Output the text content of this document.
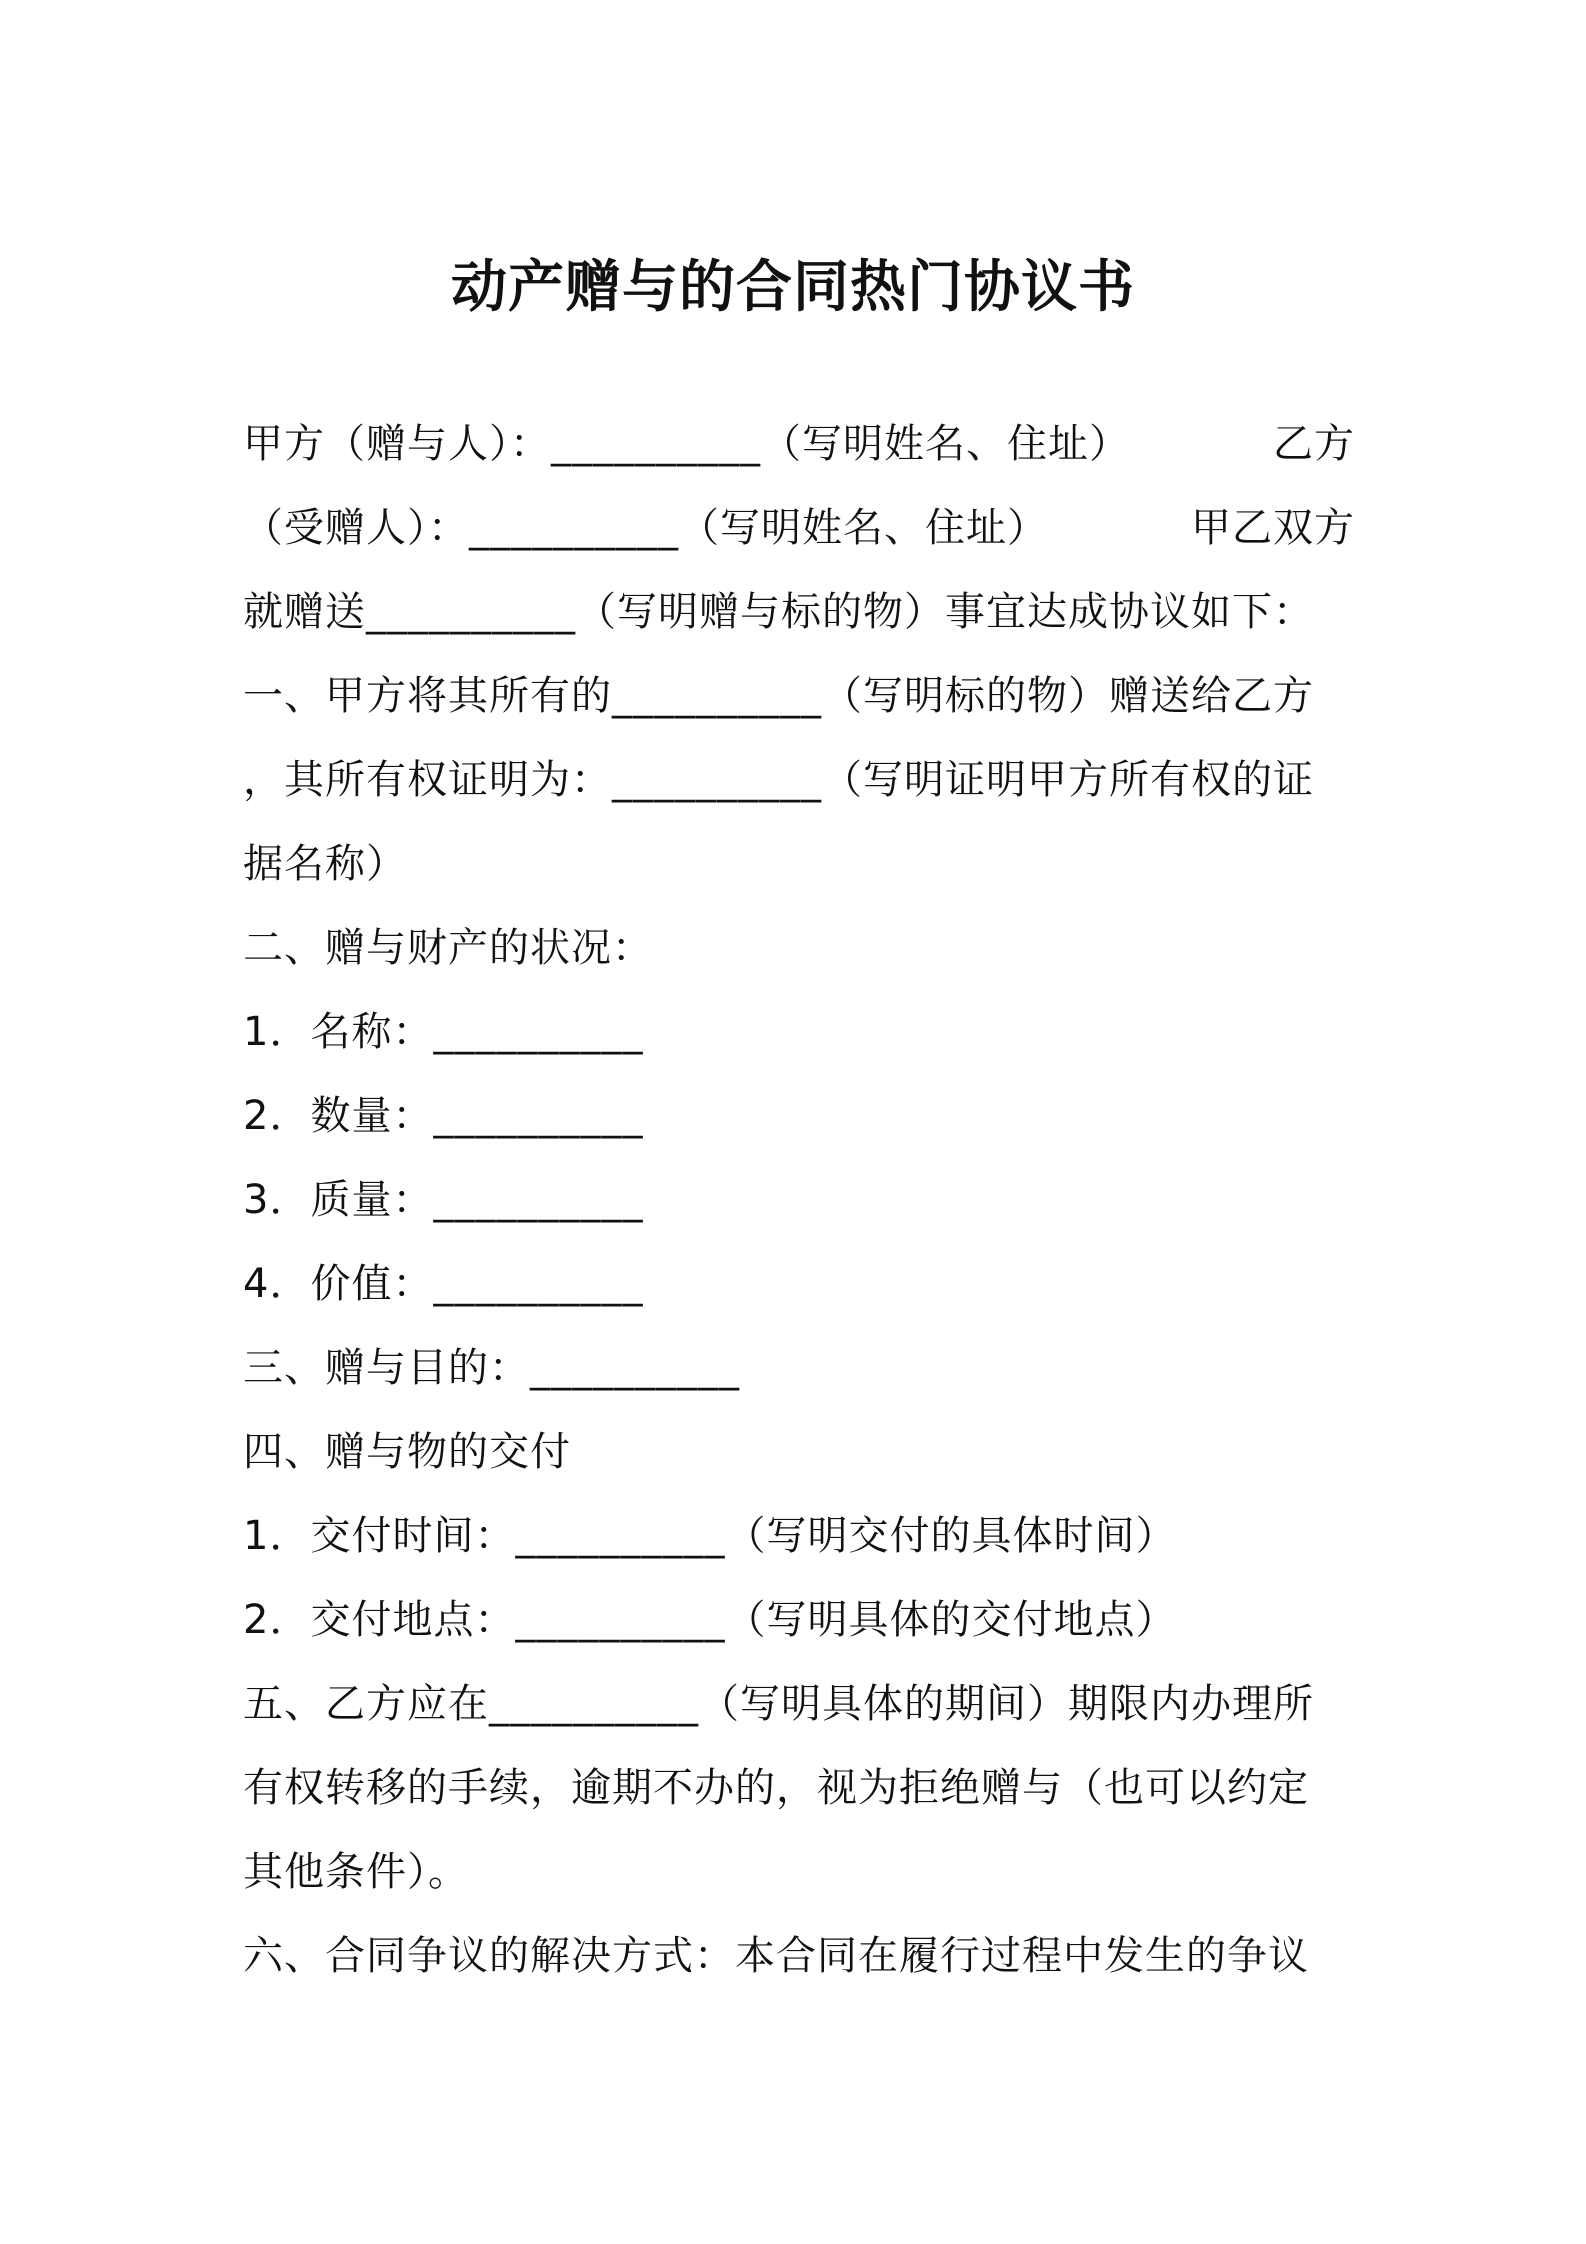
动产赠与的合同热门协议书
甲方（赠与人）：__________（写明姓名、住址）	乙方
（受赠人）：__________（写明姓名、住址）	甲乙双方
就赠送__________（写明赠与标的物）事宜达成协议如下：
一、甲方将其所有的__________（写明标的物）赠送给乙方
，其所有权证明为：__________（写明证明甲方所有权的证
据名称）
二、赠与财产的状况：
1．名称：__________
2．数量：__________
3．质量：__________
4．价值：__________
三、赠与目的：__________
四、赠与物的交付
1．交付时间：__________（写明交付的具体时间）
2．交付地点：__________（写明具体的交付地点）
五、乙方应在__________（写明具体的期间）期限内办理所
有权转移的手续，逾期不办的，视为拒绝赠与（也可以约定
其他条件）。
六、合同争议的解决方式：本合同在履行过程中发生的争议
